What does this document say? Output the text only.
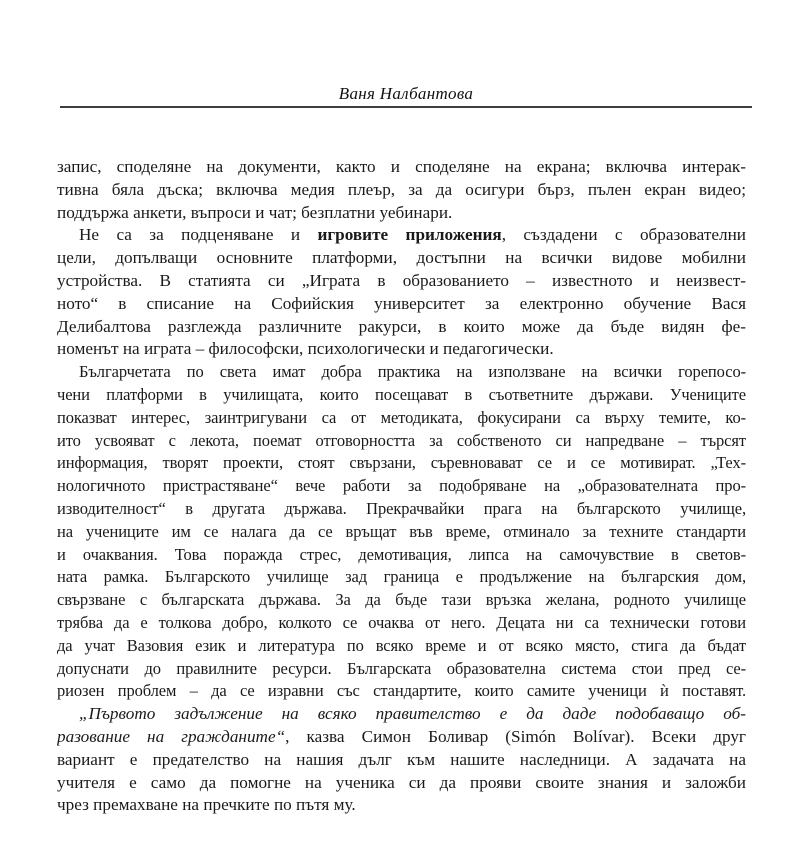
Ваня Налбантова
запис, споделяне на документи, както и споделяне на екрана; включва интерак-
тивна бяла дъска; включва медия плеър, за да осигури бърз, пълен екран видео;
поддържа анкети, въпроси и чат; безплатни уебинари.
Не са за подценяване и игровите приложения, създадени с образователни
цели, допълващи основните платформи, достъпни на всички видове мобилни
устройства. В статията си „Играта в образованието – известното и неизвест-
ното“ в списание на Софийския университет за електронно обучение Вася
Делибалтова разглежда различните ракурси, в които може да бъде видян фе-
номенът на играта – философски, психологически и педагогически.
Българчетата по света имат добра практика на използване на всички горепосо-
чени платформи в училищата, които посещават в съответните държави. Учениците
показват интерес, заинтригувани са от методиката, фокусирани са върху темите, ко-
ито усвояват с лекота, поемат отговорността за собственото си напредване – търсят
информация, творят проекти, стоят свързани, съревновават се и се мотивират. „Тех-
нологичното пристрастяване“ вече работи за подобряване на „образователната про-
изводителност“ в другата държава. Прекрачвайки прага на българското училище,
на учениците им се налага да се връщат във време, отминало за техните стандарти
и очаквания. Това поражда стрес, демотивация, липса на самочувствие в светов-
ната рамка. Българското училище зад граница е продължение на българския дом,
свързване с българската държава. За да бъде тази връзка желана, родното училище
трябва да е толкова добро, колкото се очаква от него. Децата ни са технически готови
да учат Вазовия език и литература по всяко време и от всяко място, стига да бъдат
допуснати до правилните ресурси. Българската образователна система стои пред се-
риозен проблем – да се изравни със стандартите, които самите ученици ѝ поставят.
„Първото задължение на всяко правителство е да даде подобаващо об-
разование на гражданите“, казва Симон Боливар (Simón Bolívar). Всеки друг
вариант е предателство на нашия дълг към нашите наследници. А задачата на
учителя е само да помогне на ученика си да прояви своите знания и заложби
чрез премахване на пречките по пътя му.
